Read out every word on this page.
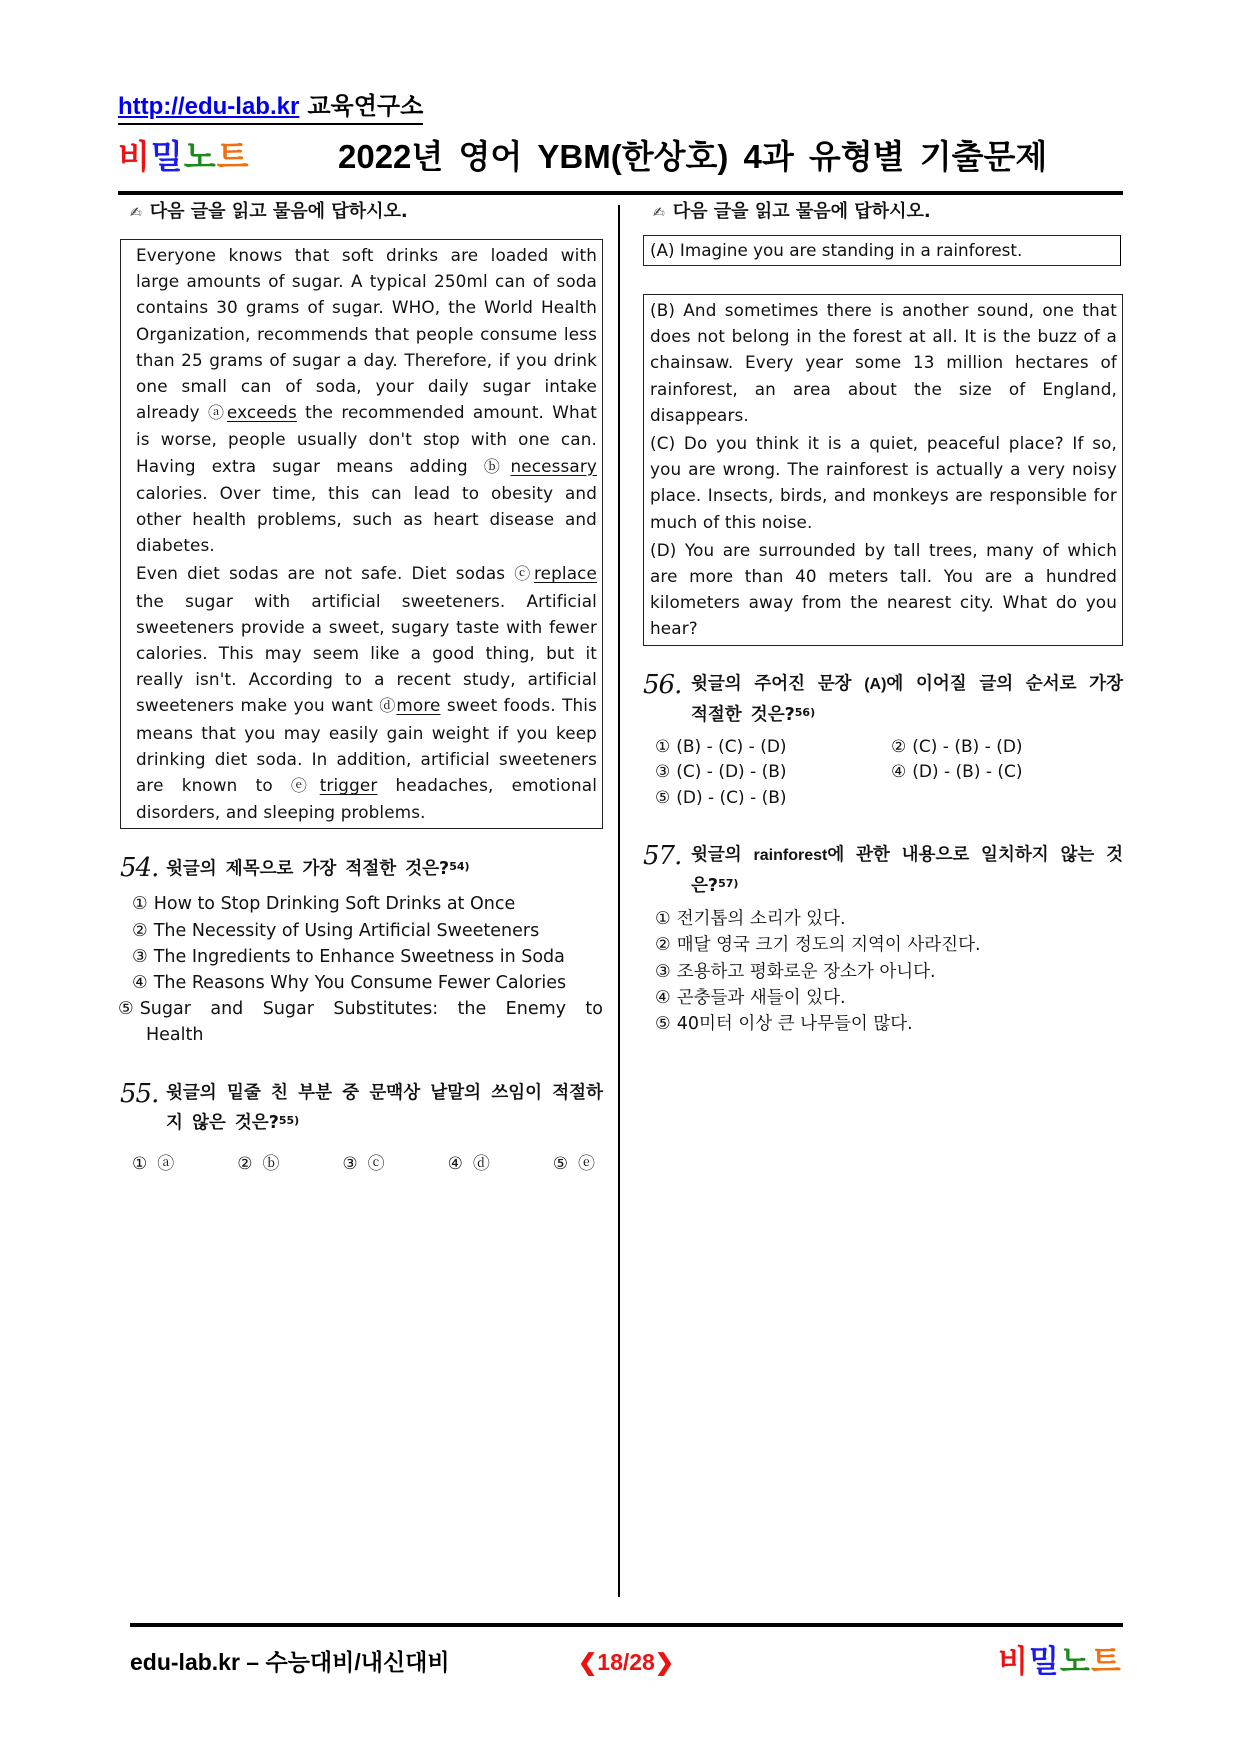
http://edu-lab.kr 교육연구소
비밀노트	2022년 영어 YBM(한상호) 4과 유형별 기출문제
✍ 다음 글을 읽고 물음에 답하시오.

Everyone knows that soft drinks are loaded with large amounts of sugar. A typical 250ml can of soda contains 30 grams of sugar. WHO, the World Health Organization, recommends that people consume less than 25 grams of sugar a day. Therefore, if you drink one small can of soda, your daily sugar intake already ⓐexceeds the recommended amount. What is worse, people usually don't stop with one can. Having extra sugar means adding ⓑnecessary calories. Over time, this can lead to obesity and other health problems, such as heart disease and diabetes.

Even diet sodas are not safe. Diet sodas ⓒreplace the sugar with artificial sweeteners. Artificial sweeteners provide a sweet, sugary taste with fewer calories. This may seem like a good thing, but it really isn't. According to a recent study, artificial sweeteners make you want ⓓmore sweet foods. This means that you may easily gain weight if you keep drinking diet soda. In addition, artificial sweeteners are known to ⓔtrigger headaches, emotional disorders, and sleeping problems.

54. 윗글의 제목으로 가장 적절한 것은?$^{54)}$
① How to Stop Drinking Soft Drinks at Once
② The Necessity of Using Artificial Sweeteners
③ The Ingredients to Enhance Sweetness in Soda
④ The Reasons Why You Consume Fewer Calories
⑤ Sugar and Sugar Substitutes: the Enemy to Health
55. 윗글의 밑줄 친 부분 중 문맥상 낱말의 쓰임이 적절하지 않은 것은?$^{55)}$
① ⓐ	② ⓑ	③ ⓒ	④ ⓓ	⑤ ⓔ
✍ 다음 글을 읽고 물음에 답하시오.
(A) Imagine you are standing in a rainforest.

(B) And sometimes there is another sound, one that does not belong in the forest at all. It is the buzz of a chainsaw. Every year some 13 million hectares of rainforest, an area about the size of England, disappears.

(C) Do you think it is a quiet, peaceful place? If so, you are wrong. The rainforest is actually a very noisy place. Insects, birds, and monkeys are responsible for much of this noise.

(D) You are surrounded by tall trees, many of which are more than 40 meters tall. You are a hundred kilometers away from the nearest city. What do you hear?

56. 윗글의 주어진 문장 (A)에 이어질 글의 순서로 가장 적절한 것은?$^{56)}$
① (B) - (C) - (D)	② (C) - (B) - (D)
③ (C) - (D) - (B)	④ (D) - (B) - (C)
⑤ (D) - (C) - (B)
57. 윗글의 rainforest에 관한 내용으로 일치하지 않는 것은?$^{57)}$
① 전기톱의 소리가 있다.
② 매달 영국 크기 정도의 지역이 사라진다.
③ 조용하고 평화로운 장소가 아니다.
④ 곤충들과 새들이 있다.
⑤ 40미터 이상 큰 나무들이 많다.
edu-lab.kr – 수능대비/내신대비	❮18/28❯	비밀노트
